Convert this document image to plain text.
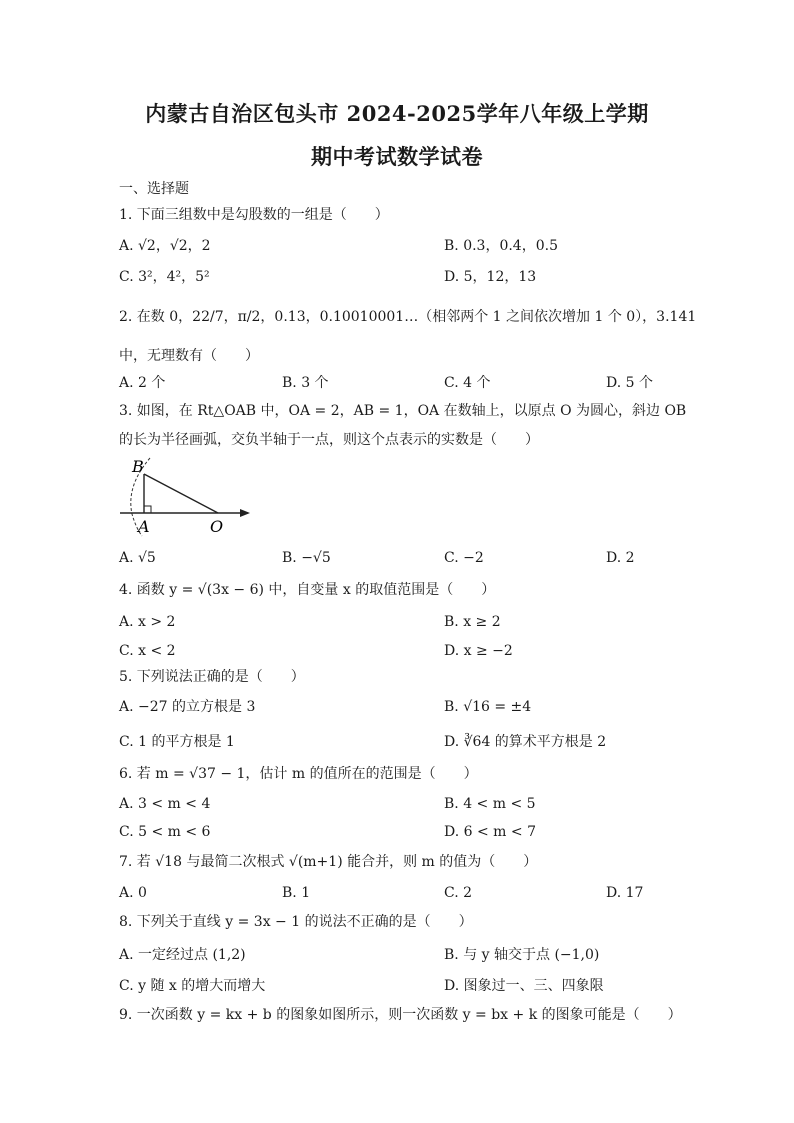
内蒙古自治区包头市 2024-2025学年八年级上学期
期中考试数学试卷
一、选择题
1. 下面三组数中是勾股数的一组是（　　）
A. √2，√2，2	B. 0.3，0.4，0.5
C. 3²，4²，5²	D. 5，12，13
2. 在数 0，22/7，π/2，0.13，0.10010001…（相邻两个 1 之间依次增加 1 个 0），3.141
中，无理数有（　　）
A. 2 个	B. 3 个	C. 4 个	D. 5 个
3. 如图，在 Rt△OAB 中，OA = 2，AB = 1，OA 在数轴上，以原点 O 为圆心，斜边 OB
的长为半径画弧，交负半轴于一点，则这个点表示的实数是（　　）
B
A	O
A. √5	B. −√5	C. −2	D. 2
4. 函数 y = √(3x − 6) 中，自变量 x 的取值范围是（　　）
A. x > 2	B. x ≥ 2
C. x < 2	D. x ≥ −2
5. 下列说法正确的是（　　）
A. −27 的立方根是 3	B. √16 = ±4
C. 1 的平方根是 1	D. ∛64 的算术平方根是 2
6. 若 m = √37 − 1，估计 m 的值所在的范围是（　　）
A. 3 < m < 4	B. 4 < m < 5
C. 5 < m < 6	D. 6 < m < 7
7. 若 √18 与最简二次根式 √(m+1) 能合并，则 m 的值为（　　）
A. 0	B. 1	C. 2	D. 17
8. 下列关于直线 y = 3x − 1 的说法不正确的是（　　）
A. 一定经过点 (1,2)	B. 与 y 轴交于点 (−1,0)
C. y 随 x 的增大而增大	D. 图象过一、三、四象限
9. 一次函数 y = kx + b 的图象如图所示，则一次函数 y = bx + k 的图象可能是（　　）
